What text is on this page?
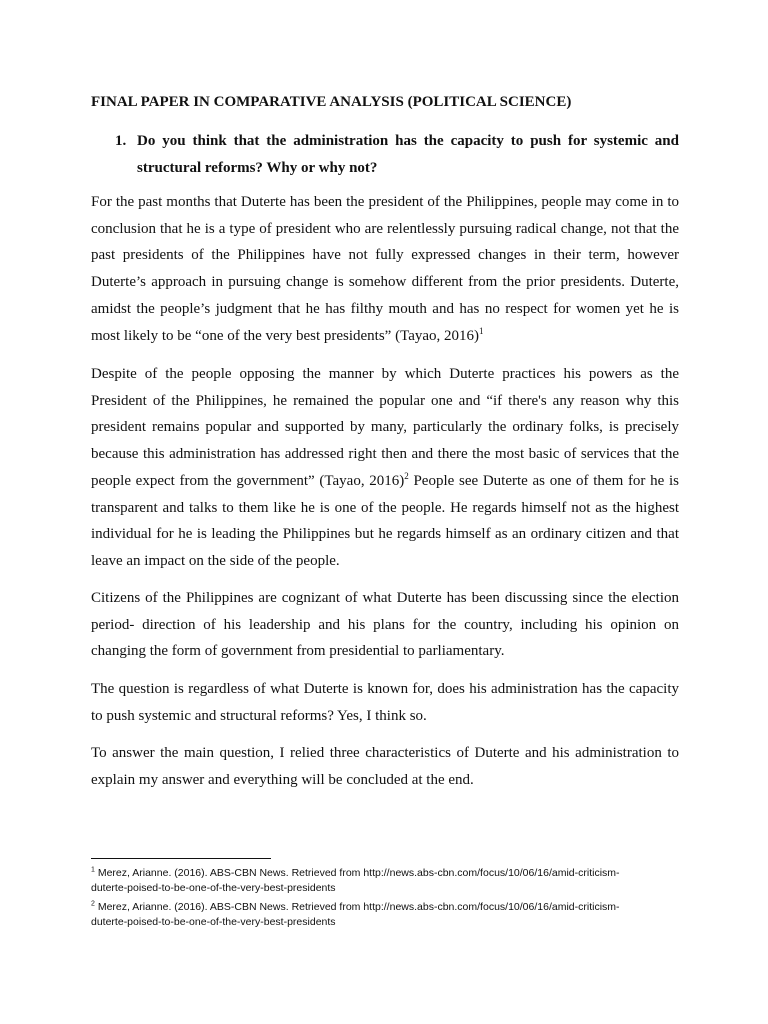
FINAL PAPER IN COMPARATIVE ANALYSIS (POLITICAL SCIENCE)
1. Do you think that the administration has the capacity to push for systemic and structural reforms? Why or why not?

For the past months that Duterte has been the president of the Philippines, people may come in to conclusion that he is a type of president who are relentlessly pursuing radical change, not that the past presidents of the Philippines have not fully expressed changes in their term, however Duterte’s approach in pursuing change is somehow different from the prior presidents. Duterte, amidst the people’s judgment that he has filthy mouth and has no respect for women yet he is most likely to be “one of the very best presidents” (Tayao, 2016)$^1$

Despite of the people opposing the manner by which Duterte practices his powers as the President of the Philippines, he remained the popular one and “if there's any reason why this president remains popular and supported by many, particularly the ordinary folks, is precisely because this administration has addressed right then and there the most basic of services that the people expect from the government” (Tayao, 2016)$^2$ People see Duterte as one of them for he is transparent and talks to them like he is one of the people. He regards himself not as the highest individual for he is leading the Philippines but he regards himself as an ordinary citizen and that leave an impact on the side of the people.

Citizens of the Philippines are cognizant of what Duterte has been discussing since the election period- direction of his leadership and his plans for the country, including his opinion on changing the form of government from presidential to parliamentary.

The question is regardless of what Duterte is known for, does his administration has the capacity to push systemic and structural reforms? Yes, I think so.

To answer the main question, I relied three characteristics of Duterte and his administration to explain my answer and everything will be concluded at the end.

$^1$ Merez, Arianne. (2016). ABS-CBN News. Retrieved from http://news.abs-cbn.com/focus/10/06/16/amid-criticism-duterte-poised-to-be-one-of-the-very-best-presidents
$^2$ Merez, Arianne. (2016). ABS-CBN News. Retrieved from http://news.abs-cbn.com/focus/10/06/16/amid-criticism-duterte-poised-to-be-one-of-the-very-best-presidents
